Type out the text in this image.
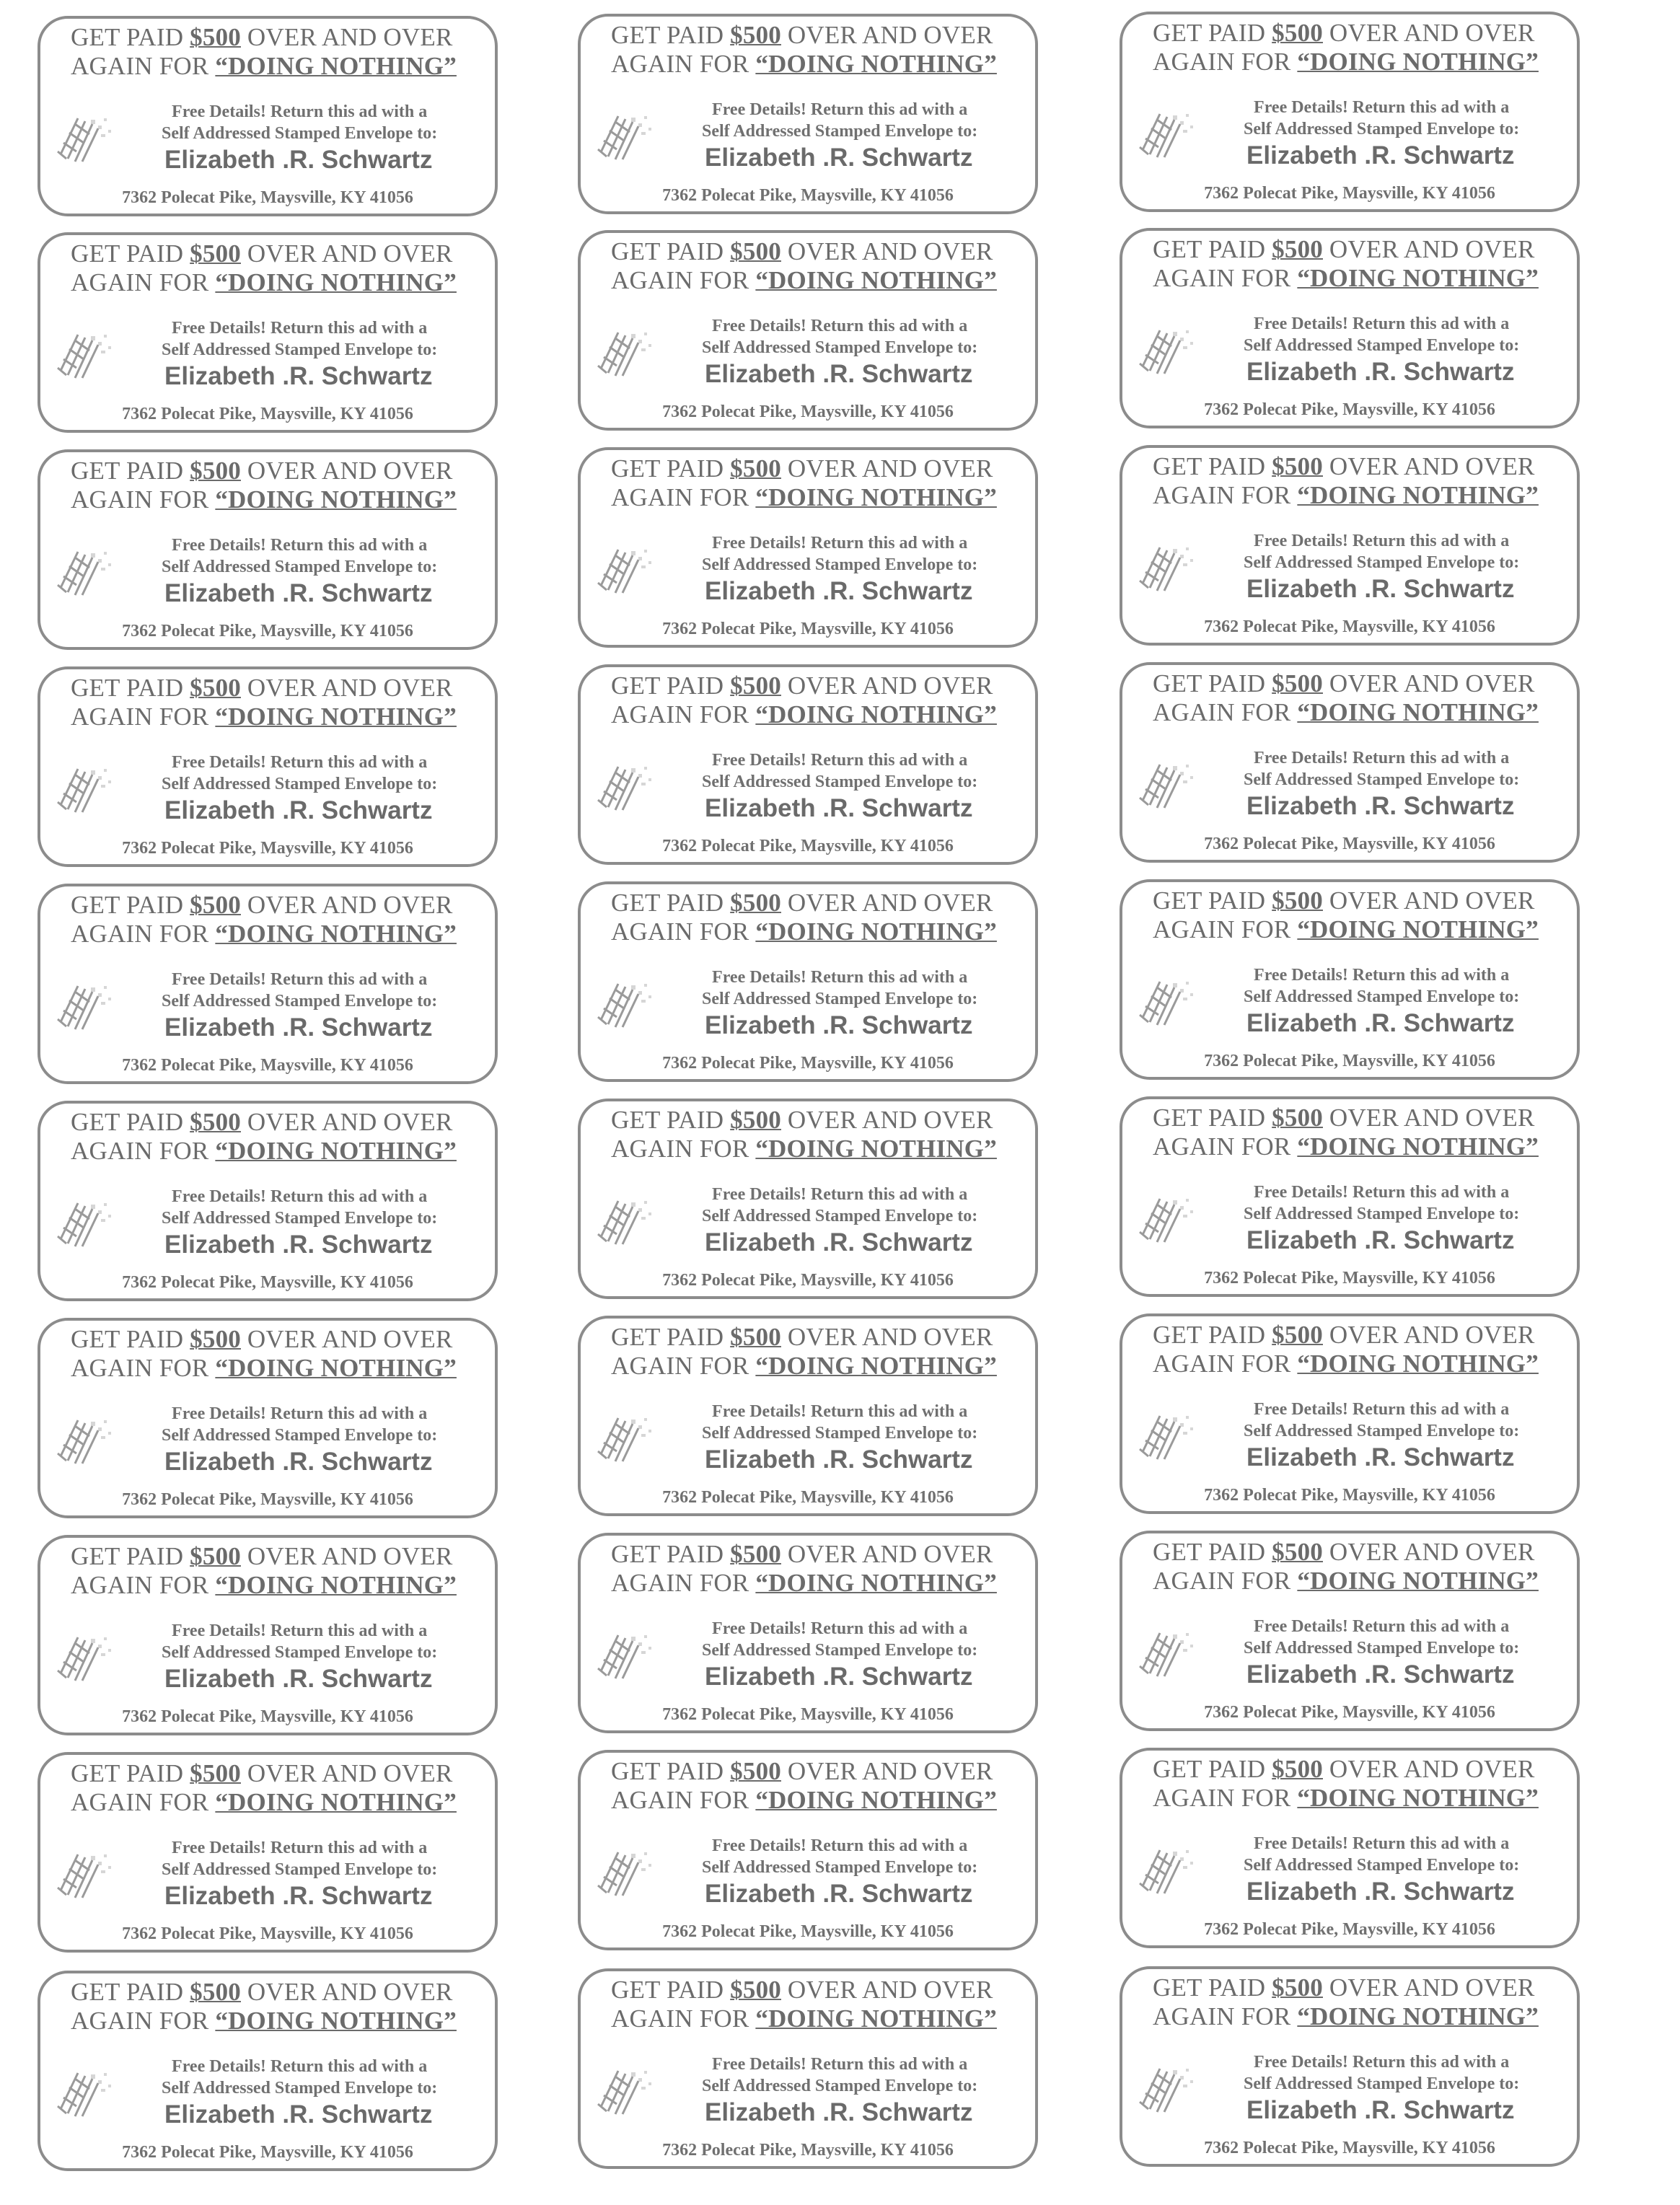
GET PAID $500 OVER AND OVER
AGAIN FOR “DOING NOTHING”
Free Details! Return this ad with a
Self Addressed Stamped Envelope to:
Elizabeth .R. Schwartz
7362 Polecat Pike, Maysville, KY 41056
GET PAID $500 OVER AND OVER
AGAIN FOR “DOING NOTHING”
Free Details! Return this ad with a
Self Addressed Stamped Envelope to:
Elizabeth .R. Schwartz
7362 Polecat Pike, Maysville, KY 41056
GET PAID $500 OVER AND OVER
AGAIN FOR “DOING NOTHING”
Free Details! Return this ad with a
Self Addressed Stamped Envelope to:
Elizabeth .R. Schwartz
7362 Polecat Pike, Maysville, KY 41056
GET PAID $500 OVER AND OVER
AGAIN FOR “DOING NOTHING”
Free Details! Return this ad with a
Self Addressed Stamped Envelope to:
Elizabeth .R. Schwartz
7362 Polecat Pike, Maysville, KY 41056
GET PAID $500 OVER AND OVER
AGAIN FOR “DOING NOTHING”
Free Details! Return this ad with a
Self Addressed Stamped Envelope to:
Elizabeth .R. Schwartz
7362 Polecat Pike, Maysville, KY 41056
GET PAID $500 OVER AND OVER
AGAIN FOR “DOING NOTHING”
Free Details! Return this ad with a
Self Addressed Stamped Envelope to:
Elizabeth .R. Schwartz
7362 Polecat Pike, Maysville, KY 41056
GET PAID $500 OVER AND OVER
AGAIN FOR “DOING NOTHING”
Free Details! Return this ad with a
Self Addressed Stamped Envelope to:
Elizabeth .R. Schwartz
7362 Polecat Pike, Maysville, KY 41056
GET PAID $500 OVER AND OVER
AGAIN FOR “DOING NOTHING”
Free Details! Return this ad with a
Self Addressed Stamped Envelope to:
Elizabeth .R. Schwartz
7362 Polecat Pike, Maysville, KY 41056
GET PAID $500 OVER AND OVER
AGAIN FOR “DOING NOTHING”
Free Details! Return this ad with a
Self Addressed Stamped Envelope to:
Elizabeth .R. Schwartz
7362 Polecat Pike, Maysville, KY 41056
GET PAID $500 OVER AND OVER
AGAIN FOR “DOING NOTHING”
Free Details! Return this ad with a
Self Addressed Stamped Envelope to:
Elizabeth .R. Schwartz
7362 Polecat Pike, Maysville, KY 41056
GET PAID $500 OVER AND OVER
AGAIN FOR “DOING NOTHING”
Free Details! Return this ad with a
Self Addressed Stamped Envelope to:
Elizabeth .R. Schwartz
7362 Polecat Pike, Maysville, KY 41056
GET PAID $500 OVER AND OVER
AGAIN FOR “DOING NOTHING”
Free Details! Return this ad with a
Self Addressed Stamped Envelope to:
Elizabeth .R. Schwartz
7362 Polecat Pike, Maysville, KY 41056
GET PAID $500 OVER AND OVER
AGAIN FOR “DOING NOTHING”
Free Details! Return this ad with a
Self Addressed Stamped Envelope to:
Elizabeth .R. Schwartz
7362 Polecat Pike, Maysville, KY 41056
GET PAID $500 OVER AND OVER
AGAIN FOR “DOING NOTHING”
Free Details! Return this ad with a
Self Addressed Stamped Envelope to:
Elizabeth .R. Schwartz
7362 Polecat Pike, Maysville, KY 41056
GET PAID $500 OVER AND OVER
AGAIN FOR “DOING NOTHING”
Free Details! Return this ad with a
Self Addressed Stamped Envelope to:
Elizabeth .R. Schwartz
7362 Polecat Pike, Maysville, KY 41056
GET PAID $500 OVER AND OVER
AGAIN FOR “DOING NOTHING”
Free Details! Return this ad with a
Self Addressed Stamped Envelope to:
Elizabeth .R. Schwartz
7362 Polecat Pike, Maysville, KY 41056
GET PAID $500 OVER AND OVER
AGAIN FOR “DOING NOTHING”
Free Details! Return this ad with a
Self Addressed Stamped Envelope to:
Elizabeth .R. Schwartz
7362 Polecat Pike, Maysville, KY 41056
GET PAID $500 OVER AND OVER
AGAIN FOR “DOING NOTHING”
Free Details! Return this ad with a
Self Addressed Stamped Envelope to:
Elizabeth .R. Schwartz
7362 Polecat Pike, Maysville, KY 41056
GET PAID $500 OVER AND OVER
AGAIN FOR “DOING NOTHING”
Free Details! Return this ad with a
Self Addressed Stamped Envelope to:
Elizabeth .R. Schwartz
7362 Polecat Pike, Maysville, KY 41056
GET PAID $500 OVER AND OVER
AGAIN FOR “DOING NOTHING”
Free Details! Return this ad with a
Self Addressed Stamped Envelope to:
Elizabeth .R. Schwartz
7362 Polecat Pike, Maysville, KY 41056
GET PAID $500 OVER AND OVER
AGAIN FOR “DOING NOTHING”
Free Details! Return this ad with a
Self Addressed Stamped Envelope to:
Elizabeth .R. Schwartz
7362 Polecat Pike, Maysville, KY 41056
GET PAID $500 OVER AND OVER
AGAIN FOR “DOING NOTHING”
Free Details! Return this ad with a
Self Addressed Stamped Envelope to:
Elizabeth .R. Schwartz
7362 Polecat Pike, Maysville, KY 41056
GET PAID $500 OVER AND OVER
AGAIN FOR “DOING NOTHING”
Free Details! Return this ad with a
Self Addressed Stamped Envelope to:
Elizabeth .R. Schwartz
7362 Polecat Pike, Maysville, KY 41056
GET PAID $500 OVER AND OVER
AGAIN FOR “DOING NOTHING”
Free Details! Return this ad with a
Self Addressed Stamped Envelope to:
Elizabeth .R. Schwartz
7362 Polecat Pike, Maysville, KY 41056
GET PAID $500 OVER AND OVER
AGAIN FOR “DOING NOTHING”
Free Details! Return this ad with a
Self Addressed Stamped Envelope to:
Elizabeth .R. Schwartz
7362 Polecat Pike, Maysville, KY 41056
GET PAID $500 OVER AND OVER
AGAIN FOR “DOING NOTHING”
Free Details! Return this ad with a
Self Addressed Stamped Envelope to:
Elizabeth .R. Schwartz
7362 Polecat Pike, Maysville, KY 41056
GET PAID $500 OVER AND OVER
AGAIN FOR “DOING NOTHING”
Free Details! Return this ad with a
Self Addressed Stamped Envelope to:
Elizabeth .R. Schwartz
7362 Polecat Pike, Maysville, KY 41056
GET PAID $500 OVER AND OVER
AGAIN FOR “DOING NOTHING”
Free Details! Return this ad with a
Self Addressed Stamped Envelope to:
Elizabeth .R. Schwartz
7362 Polecat Pike, Maysville, KY 41056
GET PAID $500 OVER AND OVER
AGAIN FOR “DOING NOTHING”
Free Details! Return this ad with a
Self Addressed Stamped Envelope to:
Elizabeth .R. Schwartz
7362 Polecat Pike, Maysville, KY 41056
GET PAID $500 OVER AND OVER
AGAIN FOR “DOING NOTHING”
Free Details! Return this ad with a
Self Addressed Stamped Envelope to:
Elizabeth .R. Schwartz
7362 Polecat Pike, Maysville, KY 41056
